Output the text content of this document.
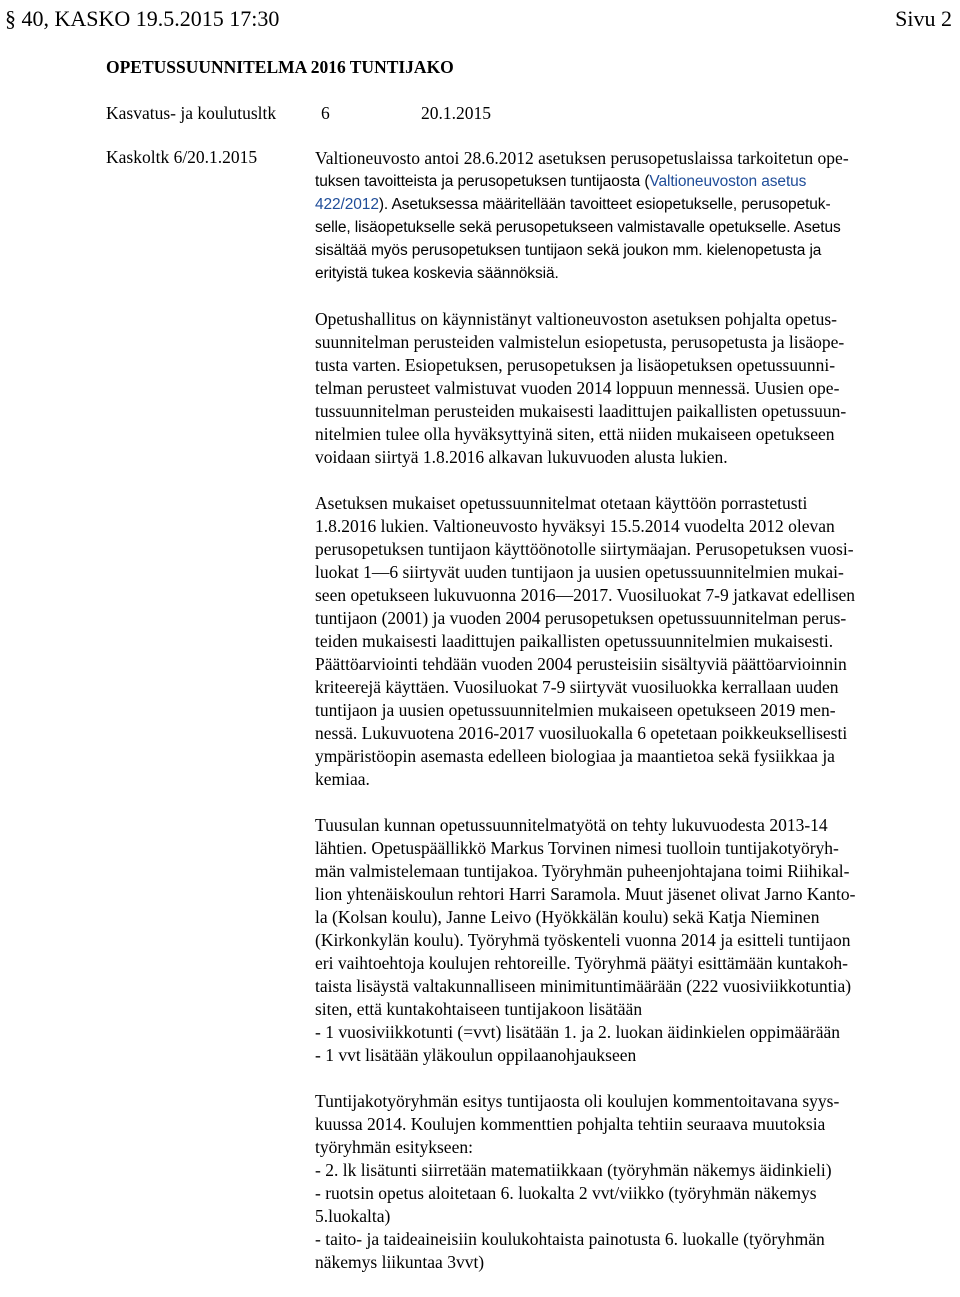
§ 40, KASKO 19.5.2015 17:30	Sivu 2
OPETUSSUUNNITELMA 2016 TUNTIJAKO
Kasvatus- ja koulutusltk	6	20.1.2015
Kaskoltk 6/20.1.2015	Valtioneuvosto antoi 28.6.2012 asetuksen perusopetuslaissa tarkoitetun ope-
tuksen tavoitteista ja perusopetuksen tuntijaosta (Valtioneuvoston asetus
422/2012). Asetuksessa määritellään tavoitteet esiopetukselle, perusopetuk-
selle, lisäopetukselle sekä perusopetukseen valmistavalle opetukselle. Asetus
sisältää myös perusopetuksen tuntijaon sekä joukon mm. kielenopetusta ja
erityistä tukea koskevia säännöksiä.
Opetushallitus on käynnistänyt valtioneuvoston asetuksen pohjalta opetus-
suunnitelman perusteiden valmistelun esiopetusta, perusopetusta ja lisäope-
tusta varten. Esiopetuksen, perusopetuksen ja lisäopetuksen opetussuunni-
telman perusteet valmistuvat vuoden 2014 loppuun mennessä. Uusien ope-
tussuunnitelman perusteiden mukaisesti laadittujen paikallisten opetussuun-
nitelmien tulee olla hyväksyttyinä siten, että niiden mukaiseen opetukseen
voidaan siirtyä 1.8.2016 alkavan lukuvuoden alusta lukien.
Asetuksen mukaiset opetussuunnitelmat otetaan käyttöön porrastetusti
1.8.2016 lukien. Valtioneuvosto hyväksyi 15.5.2014 vuodelta 2012 olevan
perusopetuksen tuntijaon käyttöönotolle siirtymäajan. Perusopetuksen vuosi-
luokat 1—6 siirtyvät uuden tuntijaon ja uusien opetussuunnitelmien mukai-
seen opetukseen lukuvuonna 2016—2017. Vuosiluokat 7-9 jatkavat edellisen
tuntijaon (2001) ja vuoden 2004 perusopetuksen opetussuunnitelman perus-
teiden mukaisesti laadittujen paikallisten opetussuunnitelmien mukaisesti.
Päättöarviointi tehdään vuoden 2004 perusteisiin sisältyviä päättöarvioinnin
kriteerejä käyttäen. Vuosiluokat 7-9 siirtyvät vuosiluokka kerrallaan uuden
tuntijaon ja uusien opetussuunnitelmien mukaiseen opetukseen 2019 men-
nessä. Lukuvuotena 2016-2017 vuosiluokalla 6 opetetaan poikkeuksellisesti
ympäristöopin asemasta edelleen biologiaa ja maantietoa sekä fysiikkaa ja
kemiaa.
Tuusulan kunnan opetussuunnitelmatyötä on tehty lukuvuodesta 2013-14
lähtien. Opetuspäällikkö Markus Torvinen nimesi tuolloin tuntijakotyöryh-
män valmistelemaan tuntijakoa. Työryhmän puheenjohtajana toimi Riihikal-
lion yhtenäiskoulun rehtori Harri Saramola. Muut jäsenet olivat Jarno Kanto-
la (Kolsan koulu), Janne Leivo (Hyökkälän koulu) sekä Katja Nieminen
(Kirkonkylän koulu). Työryhmä työskenteli vuonna 2014 ja esitteli tuntijaon
eri vaihtoehtoja koulujen rehtoreille. Työryhmä päätyi esittämään kuntakoh-
taista lisäystä valtakunnalliseen minimituntimäärään (222 vuosiviikkotuntia)
siten, että kuntakohtaiseen tuntijakoon lisätään
- 1 vuosiviikkotunti (=vvt) lisätään 1. ja 2. luokan äidinkielen oppimäärään
- 1 vvt lisätään yläkoulun oppilaanohjaukseen
Tuntijakotyöryhmän esitys tuntijaosta oli koulujen kommentoitavana syys-
kuussa 2014. Koulujen kommenttien pohjalta tehtiin seuraava muutoksia
työryhmän esitykseen:
- 2. lk lisätunti siirretään matematiikkaan (työryhmän näkemys äidinkieli)
- ruotsin opetus aloitetaan 6. luokalta 2 vvt/viikko (työryhmän näkemys
5.luokalta)
- taito- ja taideaineisiin koulukohtaista painotusta 6. luokalle (työryhmän
näkemys liikuntaa 3vvt)
